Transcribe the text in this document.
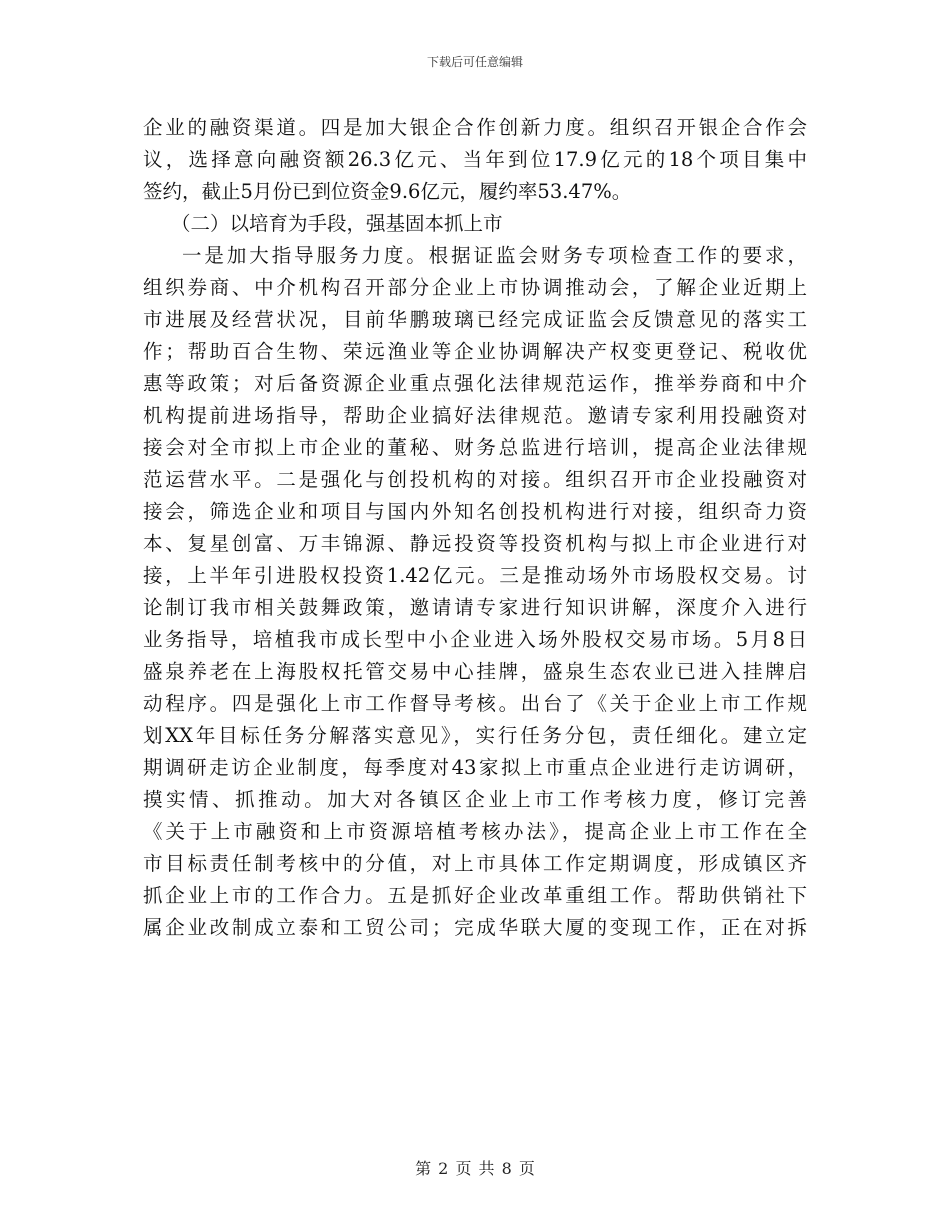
下载后可任意编辑
企业的融资渠道。四是加大银企合作创新力度。组织召开银企合作会
议，选择意向融资额26.3亿元、当年到位17.9亿元的18个项目集中
签约，截止5月份已到位资金9.6亿元，履约率53.47%。
（二）以培育为手段，强基固本抓上市
一是加大指导服务力度。根据证监会财务专项检查工作的要求，
组织券商、中介机构召开部分企业上市协调推动会，了解企业近期上
市进展及经营状况，目前华鹏玻璃已经完成证监会反馈意见的落实工
作；帮助百合生物、荣远渔业等企业协调解决产权变更登记、税收优
惠等政策；对后备资源企业重点强化法律规范运作，推举券商和中介
机构提前进场指导，帮助企业搞好法律规范。邀请专家利用投融资对
接会对全市拟上市企业的董秘、财务总监进行培训，提高企业法律规
范运营水平。二是强化与创投机构的对接。组织召开市企业投融资对
接会，筛选企业和项目与国内外知名创投机构进行对接，组织奇力资
本、复星创富、万丰锦源、静远投资等投资机构与拟上市企业进行对
接，上半年引进股权投资1.42亿元。三是推动场外市场股权交易。讨
论制订我市相关鼓舞政策，邀请请专家进行知识讲解，深度介入进行
业务指导，培植我市成长型中小企业进入场外股权交易市场。5月8日
盛泉养老在上海股权托管交易中心挂牌，盛泉生态农业已进入挂牌启
动程序。四是强化上市工作督导考核。出台了《关于企业上市工作规
划XX年目标任务分解落实意见》，实行任务分包，责任细化。建立定
期调研走访企业制度，每季度对43家拟上市重点企业进行走访调研，
摸实情、抓推动。加大对各镇区企业上市工作考核力度，修订完善
《关于上市融资和上市资源培植考核办法》，提高企业上市工作在全
市目标责任制考核中的分值，对上市具体工作定期调度，形成镇区齐
抓企业上市的工作合力。五是抓好企业改革重组工作。帮助供销社下
属企业改制成立泰和工贸公司；完成华联大厦的变现工作，正在对拆
第 2 页 共 8 页
